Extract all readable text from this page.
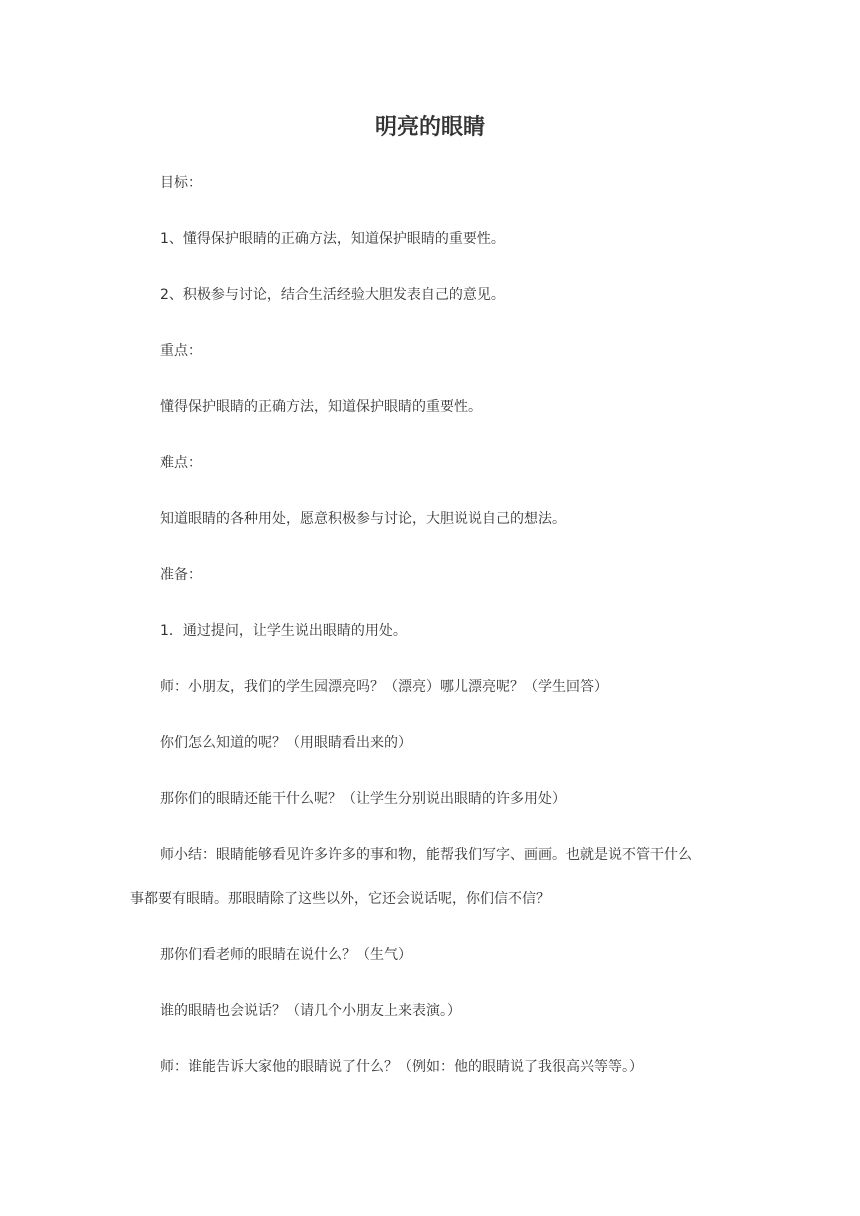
明亮的眼睛

目标：

1、懂得保护眼睛的正确方法，知道保护眼睛的重要性。

2、积极参与讨论，结合生活经验大胆发表自己的意见。

重点：

懂得保护眼睛的正确方法，知道保护眼睛的重要性。

难点：

知道眼睛的各种用处，愿意积极参与讨论，大胆说说自己的想法。

准备：

1．通过提问，让学生说出眼睛的用处。

师：小朋友，我们的学生园漂亮吗？（漂亮）哪儿漂亮呢？（学生回答）

你们怎么知道的呢？（用眼睛看出来的）

那你们的眼睛还能干什么呢？（让学生分别说出眼睛的许多用处）

师小结：眼睛能够看见许多许多的事和物，能帮我们写字、画画。也就是说不管干什么

事都要有眼睛。那眼睛除了这些以外，它还会说话呢，你们信不信？

那你们看老师的眼睛在说什么？（生气）

谁的眼睛也会说话？（请几个小朋友上来表演。）

师：谁能告诉大家他的眼睛说了什么？（例如：他的眼睛说了我很高兴等等。）
